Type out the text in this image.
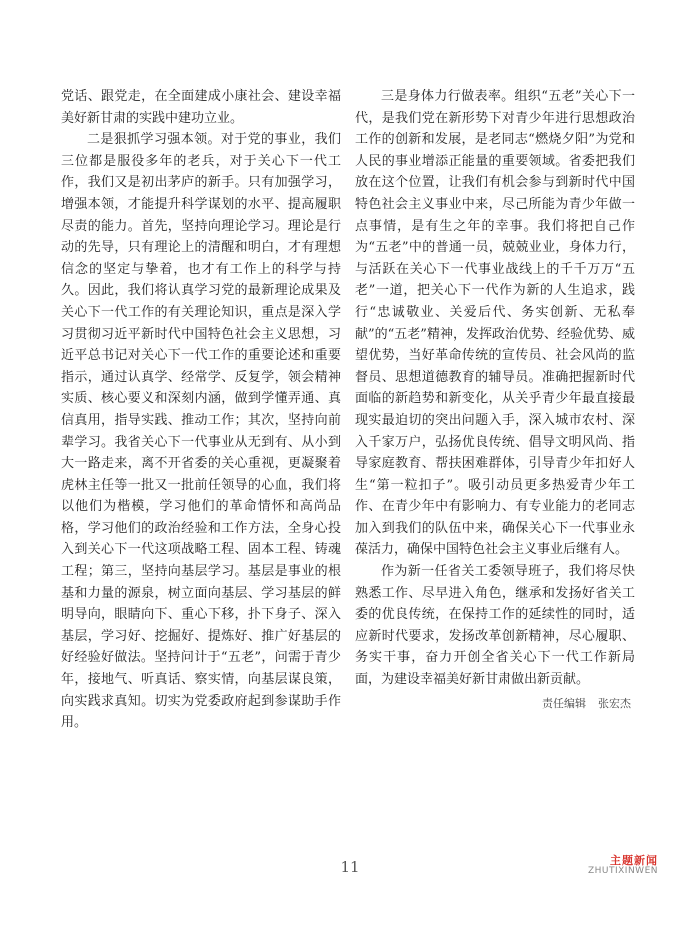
党话、跟党走，在全面建成小康社会、建设幸福美好新甘肃的实践中建功立业。

二是狠抓学习强本领。对于党的事业，我们三位都是服役多年的老兵，对于关心下一代工作，我们又是初出茅庐的新手。只有加强学习，增强本领，才能提升科学谋划的水平、提高履职尽责的能力。首先，坚持向理论学习。理论是行动的先导，只有理论上的清醒和明白，才有理想信念的坚定与挚着，也才有工作上的科学与持久。因此，我们将认真学习党的最新理论成果及关心下一代工作的有关理论知识，重点是深入学习贯彻习近平新时代中国特色社会主义思想，习近平总书记对关心下一代工作的重要论述和重要指示，通过认真学、经常学、反复学，领会精神实质、核心要义和深刻内涵，做到学懂弄通、真信真用，指导实践、推动工作；其次，坚持向前辈学习。我省关心下一代事业从无到有、从小到大一路走来，离不开省委的关心重视，更凝聚着虎林主任等一批又一批前任领导的心血，我们将以他们为楷模，学习他们的革命情怀和高尚品格，学习他们的政治经验和工作方法，全身心投入到关心下一代这项战略工程、固本工程、铸魂工程；第三，坚持向基层学习。基层是事业的根基和力量的源泉，树立面向基层、学习基层的鲜明导向，眼睛向下、重心下移，扑下身子、深入基层，学习好、挖掘好、提炼好、推广好基层的好经验好做法。坚持问计于“五老”，问需于青少年，接地气、听真话、察实情，向基层谋良策，向实践求真知。切实为党委政府起到参谋助手作用。

三是身体力行做表率。组织“五老”关心下一代，是我们党在新形势下对青少年进行思想政治工作的创新和发展，是老同志“燃烧夕阳”为党和人民的事业增添正能量的重要领域。省委把我们放在这个位置，让我们有机会参与到新时代中国特色社会主义事业中来，尽己所能为青少年做一点事情，是有生之年的幸事。我们将把自己作为“五老”中的普通一员，兢兢业业，身体力行，与活跃在关心下一代事业战线上的千千万万“五老”一道，把关心下一代作为新的人生追求，践行“忠诚敬业、关爱后代、务实创新、无私奉献”的“五老”精神，发挥政治优势、经验优势、威望优势，当好革命传统的宣传员、社会风尚的监督员、思想道德教育的辅导员。准确把握新时代面临的新趋势和新变化，从关乎青少年最直接最现实最迫切的突出问题入手，深入城市农村、深入千家万户，弘扬优良传统、倡导文明风尚、指导家庭教育、帮扶困难群体，引导青少年扣好人生“第一粒扣子”。吸引动员更多热爱青少年工作、在青少年中有影响力、有专业能力的老同志加入到我们的队伍中来，确保关心下一代事业永葆活力，确保中国特色社会主义事业后继有人。

作为新一任省关工委领导班子，我们将尽快熟悉工作、尽早进入角色，继承和发扬好省关工委的优良传统，在保持工作的延续性的同时，适应新时代要求，发扬改革创新精神，尽心履职、务实干事，奋力开创全省关心下一代工作新局面，为建设幸福美好新甘肃做出新贡献。

责任编辑 张宏杰
11	主题新闻
ZHUTIXINWEN
